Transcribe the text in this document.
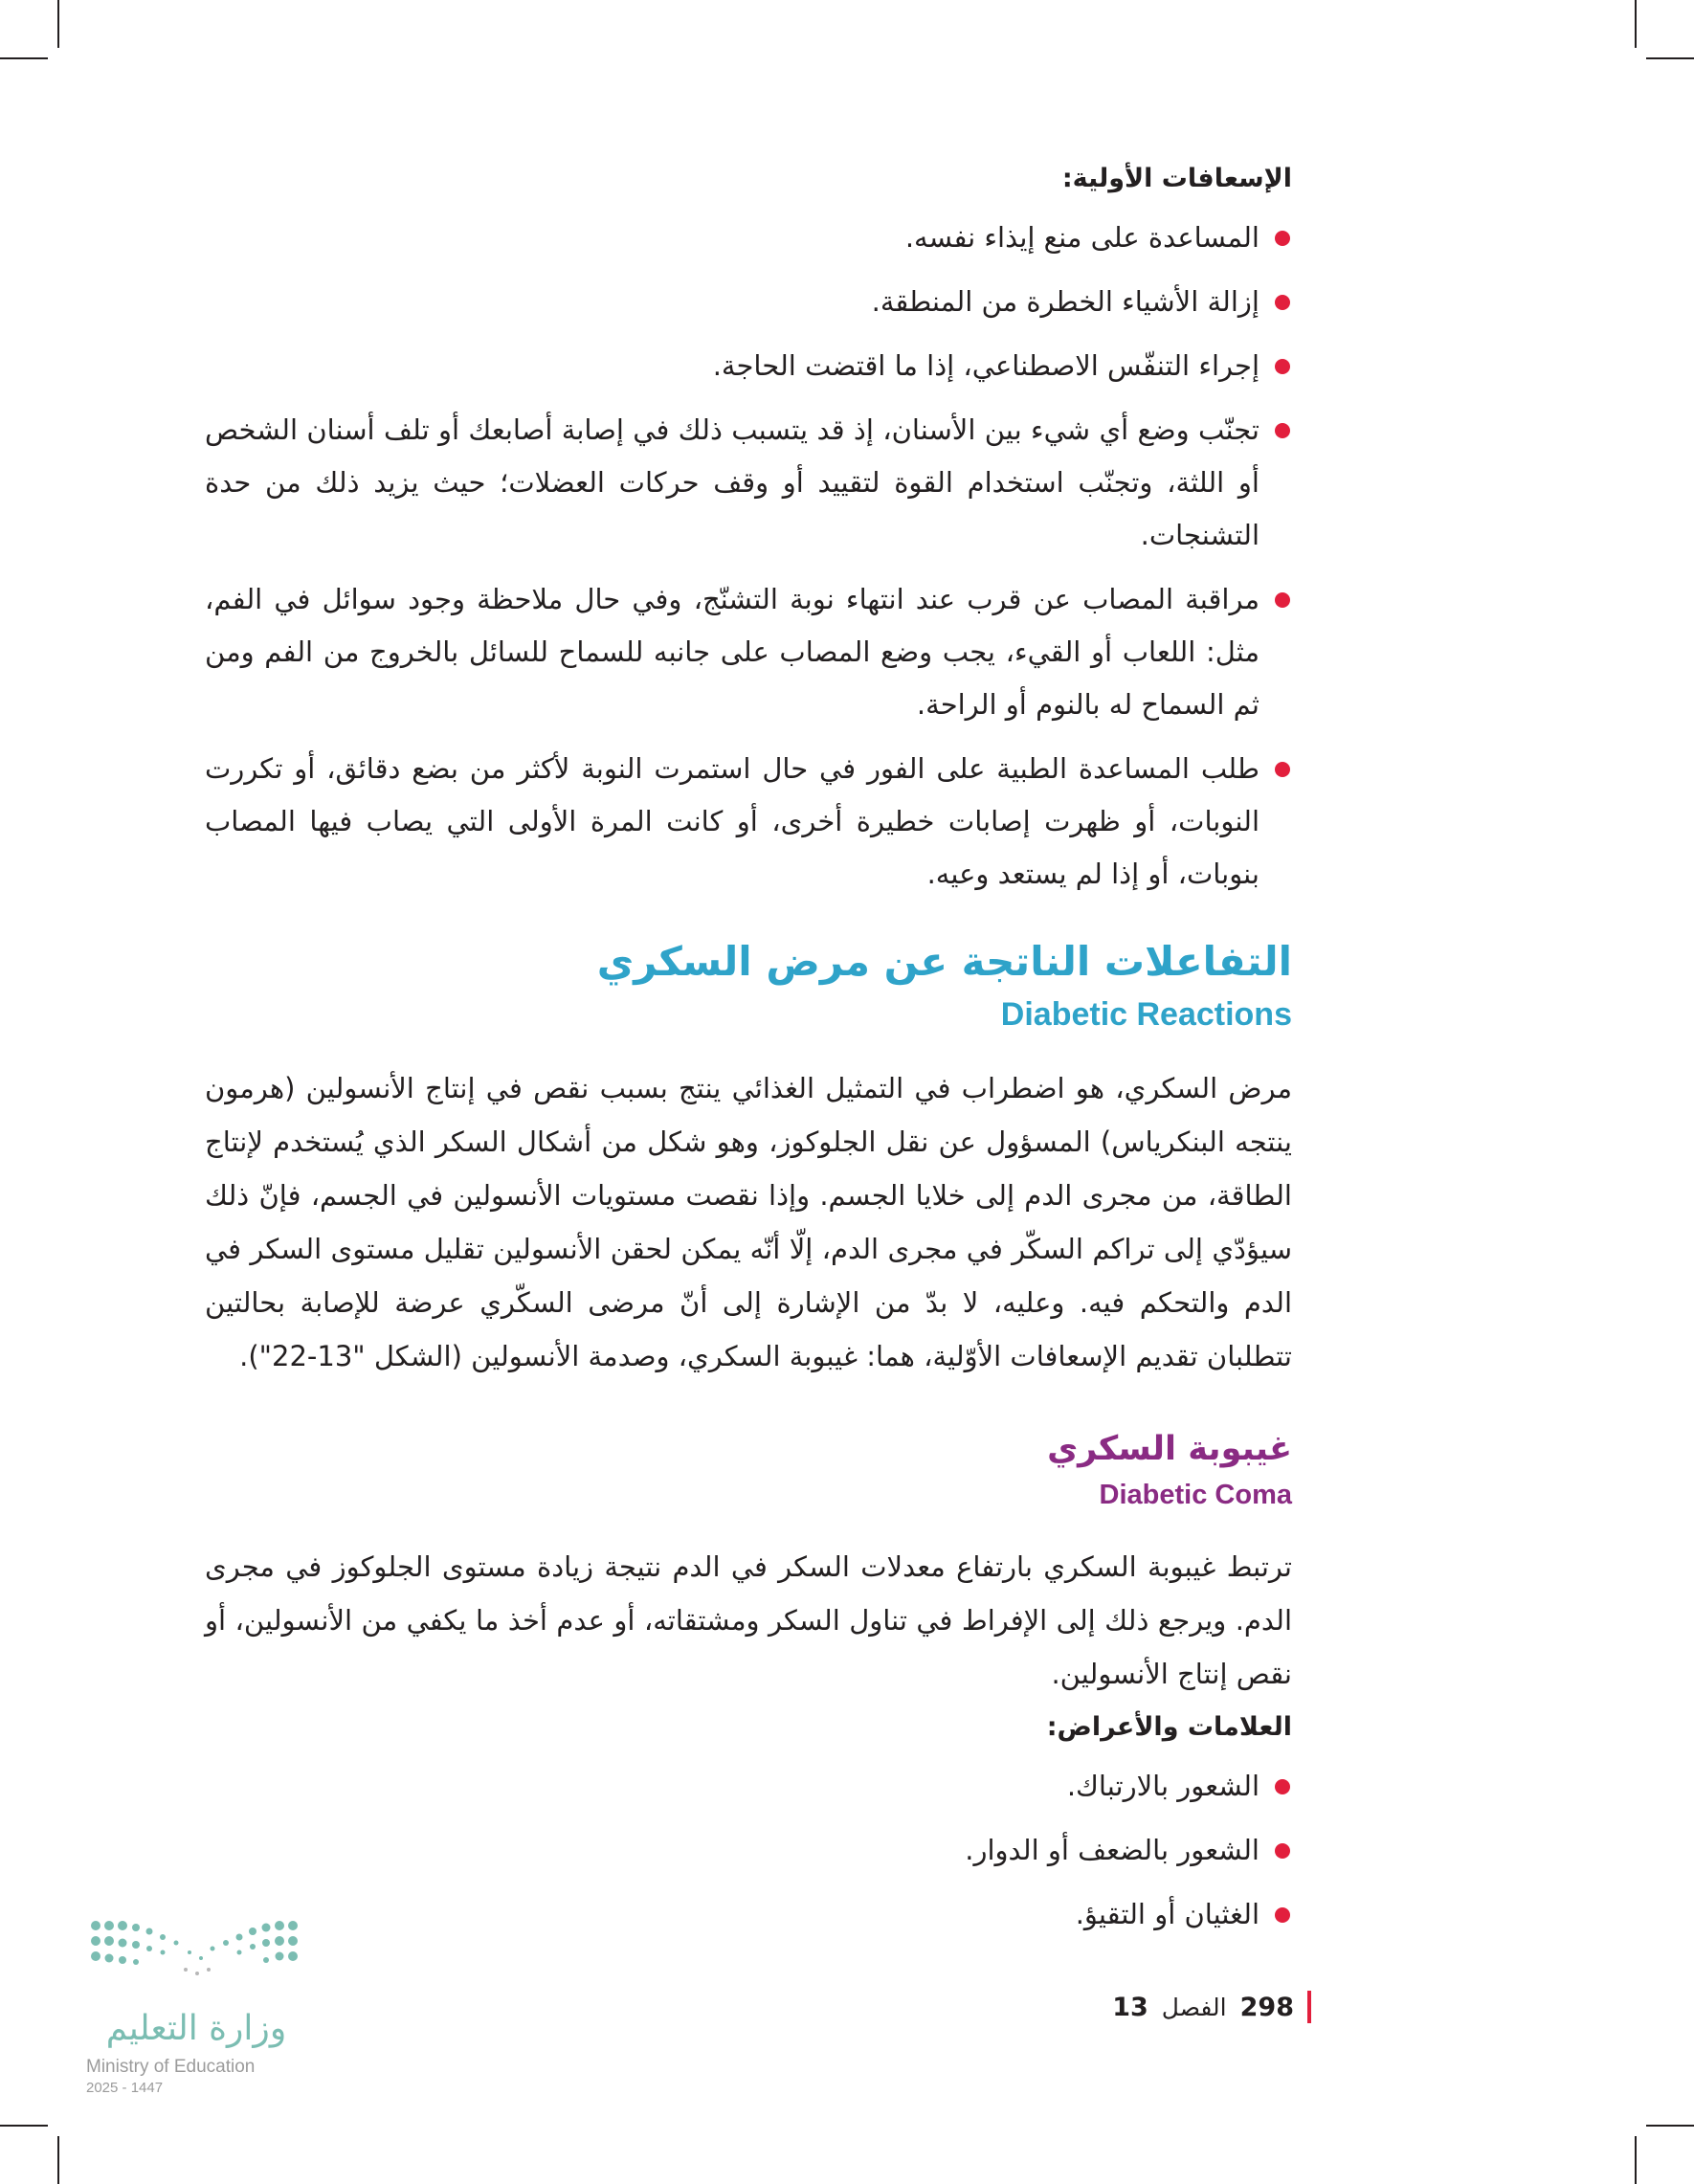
الإسعافات الأولية:
المساعدة على منع إيذاء نفسه.
إزالة الأشياء الخطرة من المنطقة.
إجراء التنفّس الاصطناعي، إذا ما اقتضت الحاجة.
تجنّب وضع أي شيء بين الأسنان، إذ قد يتسبب ذلك في إصابة أصابعك أو تلف أسنان الشخص أو اللثة، وتجنّب استخدام القوة لتقييد أو وقف حركات العضلات؛ حيث يزيد ذلك من حدة التشنجات.
مراقبة المصاب عن قرب عند انتهاء نوبة التشنّج، وفي حال ملاحظة وجود سوائل في الفم، مثل: اللعاب أو القيء، يجب وضع المصاب على جانبه للسماح للسائل بالخروج من الفم ومن ثم السماح له بالنوم أو الراحة.
طلب المساعدة الطبية على الفور في حال استمرت النوبة لأكثر من بضع دقائق، أو تكررت النوبات، أو ظهرت إصابات خطيرة أخرى، أو كانت المرة الأولى التي يصاب فيها المصاب بنوبات، أو إذا لم يستعد وعيه.
التفاعلات الناتجة عن مرض السكري
Diabetic Reactions

مرض السكري، هو اضطراب في التمثيل الغذائي ينتج بسبب نقص في إنتاج الأنسولين (هرمون ينتجه البنكرياس) المسؤول عن نقل الجلوكوز، وهو شكل من أشكال السكر الذي يُستخدم لإنتاج الطاقة، من مجرى الدم إلى خلايا الجسم. وإذا نقصت مستويات الأنسولين في الجسم، فإنّ ذلك سيؤدّي إلى تراكم السكّر في مجرى الدم، إلّا أنّه يمكن لحقن الأنسولين تقليل مستوى السكر في الدم والتحكم فيه. وعليه، لا بدّ من الإشارة إلى أنّ مرضى السكّري عرضة للإصابة بحالتين تتطلبان تقديم الإسعافات الأوّلية، هما: غيبوبة السكري، وصدمة الأنسولين (الشكل "13-22").

غيبوبة السكري
Diabetic Coma

ترتبط غيبوبة السكري بارتفاع معدلات السكر في الدم نتيجة زيادة مستوى الجلوكوز في مجرى الدم. ويرجع ذلك إلى الإفراط في تناول السكر ومشتقاته، أو عدم أخذ ما يكفي من الأنسولين، أو نقص إنتاج الأنسولين.

العلامات والأعراض:
الشعور بالارتباك.
الشعور بالضعف أو الدوار.
الغثيان أو التقيؤ.
298
الفصل
13
وزارة التعليم
Ministry of Education
2025 - 1447
